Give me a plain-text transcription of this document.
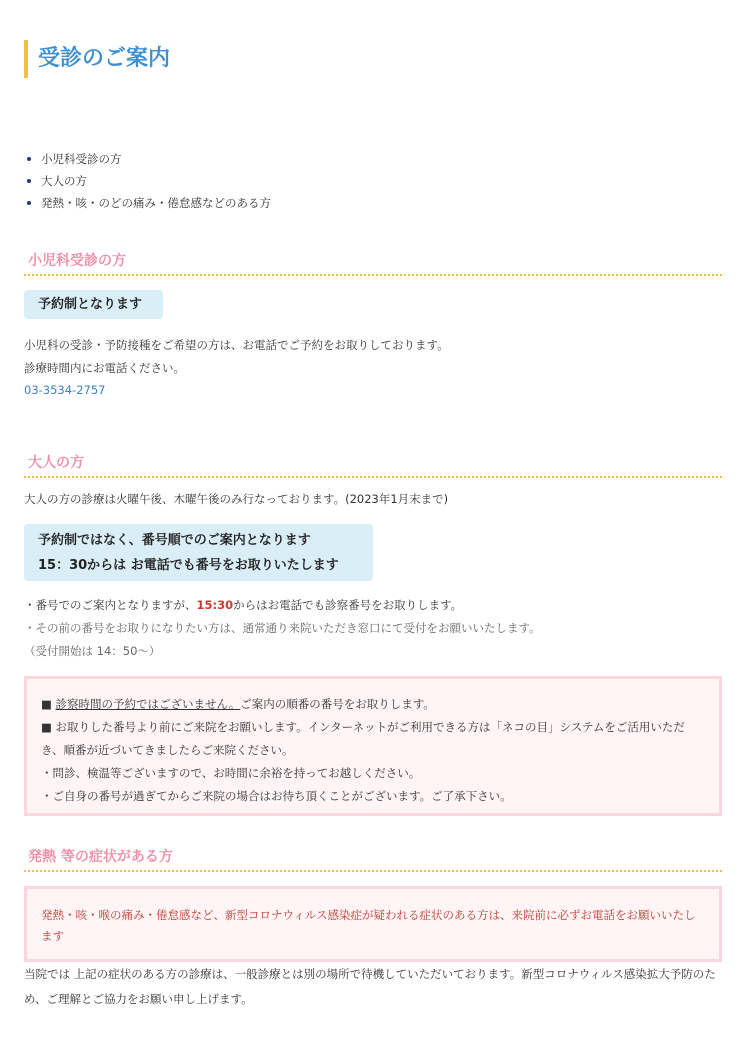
受診のご案内
小児科受診の方
大人の方
発熱・咳・のどの痛み・倦怠感などのある方
小児科受診の方
予約制となります
小児科の受診・予防接種をご希望の方は、お電話でご予約をお取りしております。
診療時間内にお電話ください。
03-3534-2757
大人の方
大人の方の診療は火曜午後、木曜午後のみ行なっております。(2023年1月末まで)
予約制ではなく、番号順でのご案内となります
15：30からは お電話でも番号をお取りいたします
・番号でのご案内となりますが、15:30からはお電話でも診察番号をお取りします。
・その前の番号をお取りになりたい方は、通常通り来院いただき窓口にて受付をお願いいたします。
（受付開始は 14：50～）
■ 診察時間の予約ではございません。ご案内の順番の番号をお取りします。
■ お取りした番号より前にご来院をお願いします。インターネットがご利用できる方は「ネコの目」システムをご活用いただ
き、順番が近づいてきましたらご来院ください。
・問診、検温等ございますので、お時間に余裕を持ってお越しください。
・ご自身の番号が過ぎてからご来院の場合はお待ち頂くことがございます。ご了承下さい。
発熱 等の症状がある方
発熱・咳・喉の痛み・倦怠感など、新型コロナウィルス感染症が疑われる症状のある方は、来院前に必ずお電話をお願いいたします
当院では 上記の症状のある方の診療は、一般診療とは別の場所で待機していただいております。新型コロナウィルス感染拡大予防のため、ご理解とご協力をお願い申し上げます。
